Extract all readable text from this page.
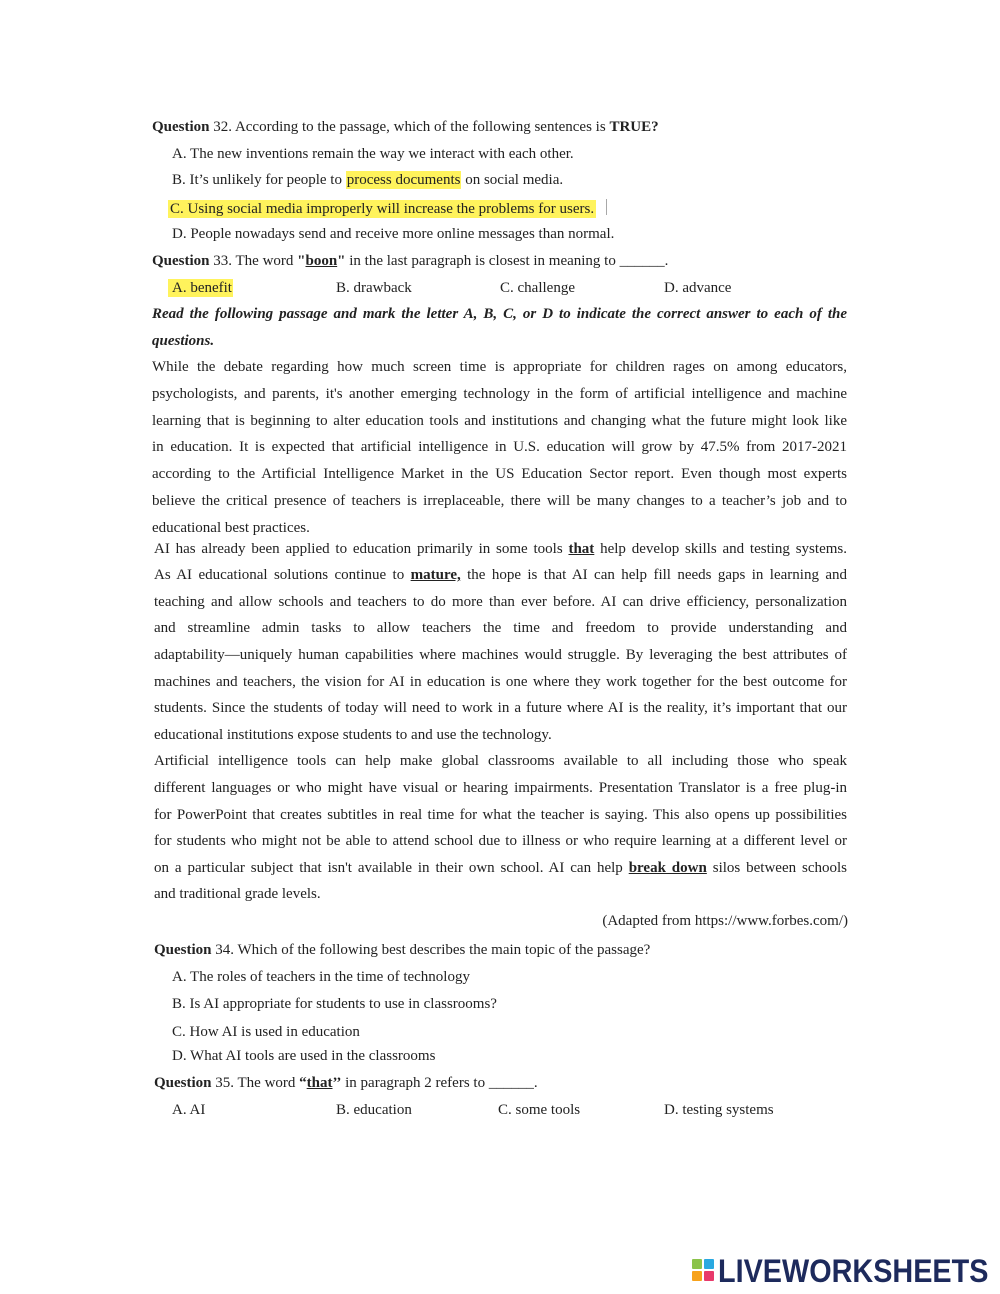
Question 32. According to the passage, which of the following sentences is TRUE?
A. The new inventions remain the way we interact with each other.
B. It’s unlikely for people to process documents on social media.
C. Using social media improperly will increase the problems for users.
D. People nowadays send and receive more online messages than normal.
Question 33. The word "boon" in the last paragraph is closest in meaning to ______.
A. benefit	B. drawback	C. challenge	D. advance
Read the following passage and mark the letter A, B, C, or D to indicate the correct answer to each of the
questions.
While the debate regarding how much screen time is appropriate for children rages on among educators,
psychologists, and parents, it's another emerging technology in the form of artificial intelligence and machine
learning that is beginning to alter education tools and institutions and changing what the future might look like
in education. It is expected that artificial intelligence in U.S. education will grow by 47.5% from 2017-2021
according to the Artificial Intelligence Market in the US Education Sector report. Even though most experts
believe the critical presence of teachers is irreplaceable, there will be many changes to a teacher’s job and to
educational best practices.
AI has already been applied to education primarily in some tools that help develop skills and testing systems.
As AI educational solutions continue to mature, the hope is that AI can help fill needs gaps in learning and
teaching and allow schools and teachers to do more than ever before. AI can drive efficiency, personalization
and streamline admin tasks to allow teachers the time and freedom to provide understanding and
adaptability—uniquely human capabilities where machines would struggle. By leveraging the best attributes of
machines and teachers, the vision for AI in education is one where they work together for the best outcome for
students. Since the students of today will need to work in a future where AI is the reality, it’s important that our
educational institutions expose students to and use the technology.
Artificial intelligence tools can help make global classrooms available to all including those who speak
different languages or who might have visual or hearing impairments. Presentation Translator is a free plug-in
for PowerPoint that creates subtitles in real time for what the teacher is saying. This also opens up possibilities
for students who might not be able to attend school due to illness or who require learning at a different level or
on a particular subject that isn't available in their own school. AI can help break down silos between schools
and traditional grade levels.
(Adapted from https://www.forbes.com/)
Question 34. Which of the following best describes the main topic of the passage?
A. The roles of teachers in the time of technology
B. Is AI appropriate for students to use in classrooms?
C. How AI is used in education
D. What AI tools are used in the classrooms
Question 35. The word “that’’ in paragraph 2 refers to ______.
A. AI	B. education	C. some tools	D. testing systems
LIVEWORKSHEETS
